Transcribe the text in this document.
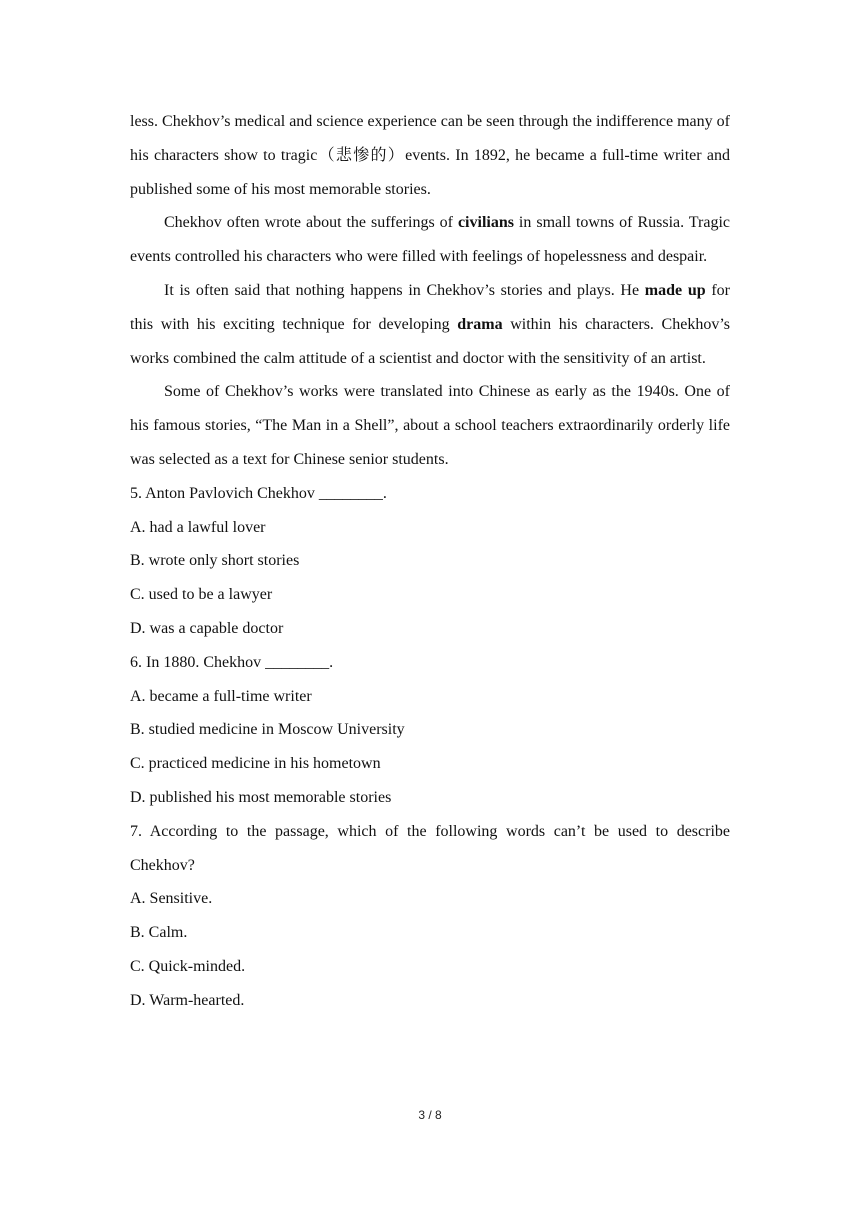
less. Chekhov’s medical and science experience can be seen through the indifference many of his characters show to tragic（悲惨的）events. In 1892, he became a full-time writer and published some of his most memorable stories.

Chekhov often wrote about the sufferings of civilians in small towns of Russia. Tragic events controlled his characters who were filled with feelings of hopelessness and despair.

It is often said that nothing happens in Chekhov’s stories and plays. He made up for this with his exciting technique for developing drama within his characters. Chekhov’s works combined the calm attitude of a scientist and doctor with the sensitivity of an artist.

Some of Chekhov’s works were translated into Chinese as early as the 1940s. One of his famous stories, “The Man in a Shell”, about a school teachers extraordinarily orderly life was selected as a text for Chinese senior students.

5. Anton Pavlovich Chekhov ________.

A. had a lawful lover

B. wrote only short stories

C. used to be a lawyer

D. was a capable doctor

6. In 1880. Chekhov ________.

A. became a full-time writer

B. studied medicine in Moscow University

C. practiced medicine in his hometown

D. published his most memorable stories

7. According to the passage, which of the following words can’t be used to describe Chekhov?

A. Sensitive.

B. Calm.

C. Quick-minded.

D. Warm-hearted.

3 / 8
